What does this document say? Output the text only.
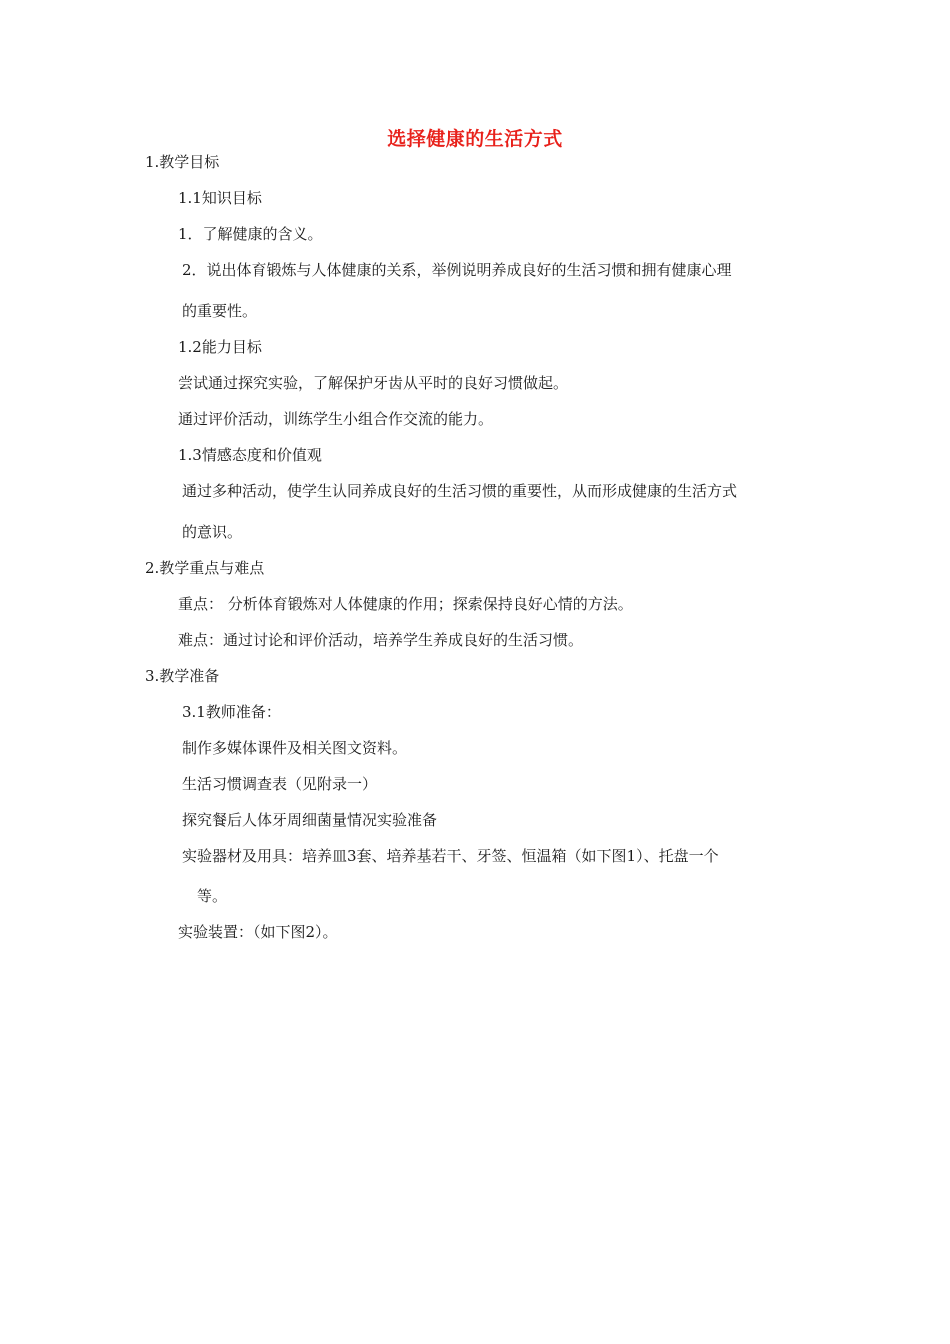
选择健康的生活方式
1.教学目标
1.1知识目标
1．了解健康的含义。
2．说出体育锻炼与人体健康的关系，举例说明养成良好的生活习惯和拥有健康心理
的重要性。
1.2能力目标
尝试通过探究实验，了解保护牙齿从平时的良好习惯做起。
通过评价活动，训练学生小组合作交流的能力。
1.3情感态度和价值观
通过多种活动，使学生认同养成良好的生活习惯的重要性，从而形成健康的生活方式
的意识。
2.教学重点与难点
重点： 分析体育锻炼对人体健康的作用；探索保持良好心情的方法。
难点：通过讨论和评价活动，培养学生养成良好的生活习惯。
3.教学准备
3.1教师准备：
制作多媒体课件及相关图文资料。
生活习惯调查表（见附录一）
探究餐后人体牙周细菌量情况实验准备
实验器材及用具：培养皿3套、培养基若干、牙签、恒温箱（如下图1）、托盘一个
等。
实验装置：（如下图2）。
